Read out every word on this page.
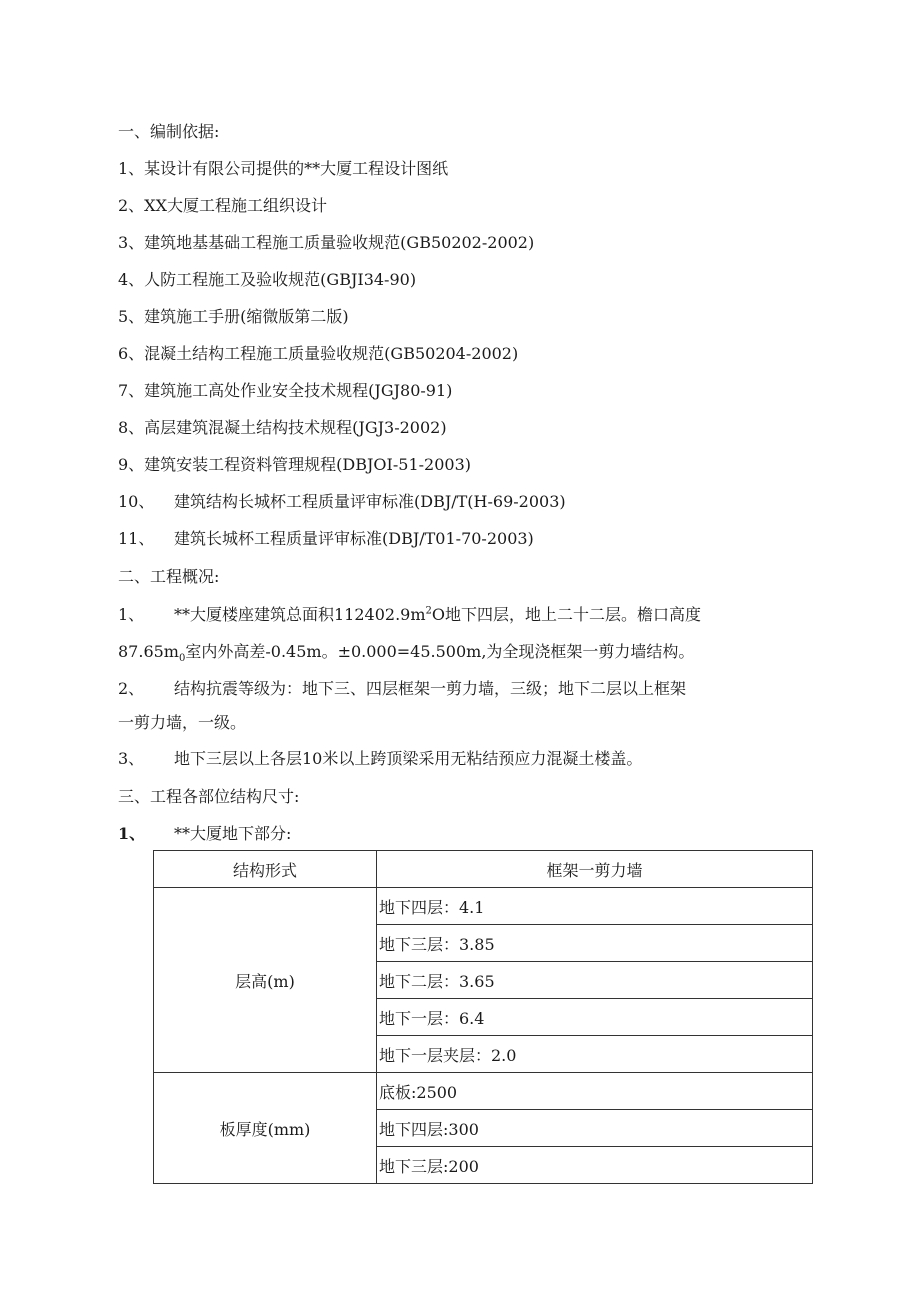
一、编制依据:
1、某设计有限公司提供的**大厦工程设计图纸
2、XX大厦工程施工组织设计
3、建筑地基基础工程施工质量验收规范(GB50202-2002)
4、人防工程施工及验收规范(GBJI34-90)
5、建筑施工手册(缩微版第二版)
6、混凝土结构工程施工质量验收规范(GB50204-2002)
7、建筑施工高处作业安全技术规程(JGJ80-91)
8、高层建筑混凝土结构技术规程(JGJ3-2002)
9、建筑安装工程资料管理规程(DBJOI-51-2003)
10、 建筑结构长城杯工程质量评审标准(DBJ/T(H-69-2003)
11、 建筑长城杯工程质量评审标准(DBJ/T01-70-2003)
二、工程概况:
1、 **大厦楼座建筑总面积$112402.9m^2O$地下四层，地上二十二层。檐口高度
$87.65m_0$室内外高差-0.45m。±0.000=45.500m,为全现浇框架一剪力墙结构。
2、 结构抗震等级为：地下三、四层框架一剪力墙，三级；地下二层以上框架
一剪力墙，一级。
3、 地下三层以上各层10米以上跨顶梁采用无粘结预应力混凝土楼盖。
三、工程各部位结构尺寸:
1、 **大厦地下部分:
结构形式	框架一剪力墙
层高(m)	地下四层：4.1
	地下三层：3.85
	地下二层：3.65
	地下一层：6.4
	地下一层夹层：2.0
板厚度(mm)	底板:2500
	地下四层:300
	地下三层:200
